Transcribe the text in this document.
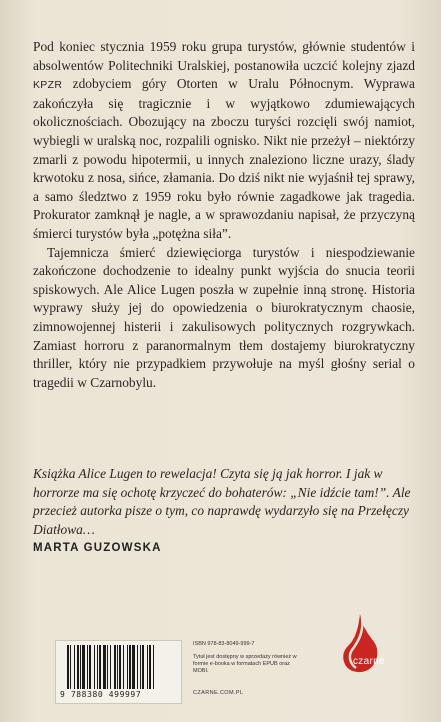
Pod koniec stycznia 1959 roku grupa turystów, głównie studentów i absolwentów Politechniki Uralskiej, postanowiła uczcić kolejny zjazd KPZR zdobyciem góry Otorten w Uralu Północnym. Wyprawa zakończyła się tragicznie i w wyjątkowo zdumiewających okolicznościach. Obozujący na zboczu turyści rozcięli swój namiot, wybiegli w uralską noc, rozpalili ognisko. Nikt nie przeżył – niektórzy zmarli z powodu hipotermii, u innych znaleziono liczne urazy, ślady krwotoku z nosa, sińce, złamania. Do dziś nikt nie wyjaśnił tej sprawy, a samo śledztwo z 1959 roku było równie zagadkowe jak tragedia. Prokurator zamknął je nagle, a w sprawozdaniu napisał, że przyczyną śmierci turystów była „potężna siła”.

Tajemnicza śmierć dziewięciorga turystów i niespodziewanie zakończone dochodzenie to idealny punkt wyjścia do snucia teorii spiskowych. Ale Alice Lugen poszła w zupełnie inną stronę. Historia wyprawy służy jej do opowiedzenia o biurokratycznym chaosie, zimnowojennej histerii i zakulisowych politycznych rozgrywkach. Zamiast horroru z paranormalnym tłem dostajemy biurokratyczny thriller, który nie przypadkiem przywołuje na myśl głośny serial o tragedii w Czarnobylu.

Książka Alice Lugen to rewelacja! Czyta się ją jak horror. I jak w horrorze ma się ochotę krzyczeć do bohaterów: „Nie idźcie tam!”. Ale przecież autorka pisze o tym, co naprawdę wydarzyło się na Przełęczy Diatłowa…

MARTA GUZOWSKA
9 788380 499997
ISBN 978-83-8049-999-7
Tytuł jest dostępny w sprzedaży również w formie e-booka w formatach EPUB oraz MOBI.
CZARNE.COM.PL
czarne
